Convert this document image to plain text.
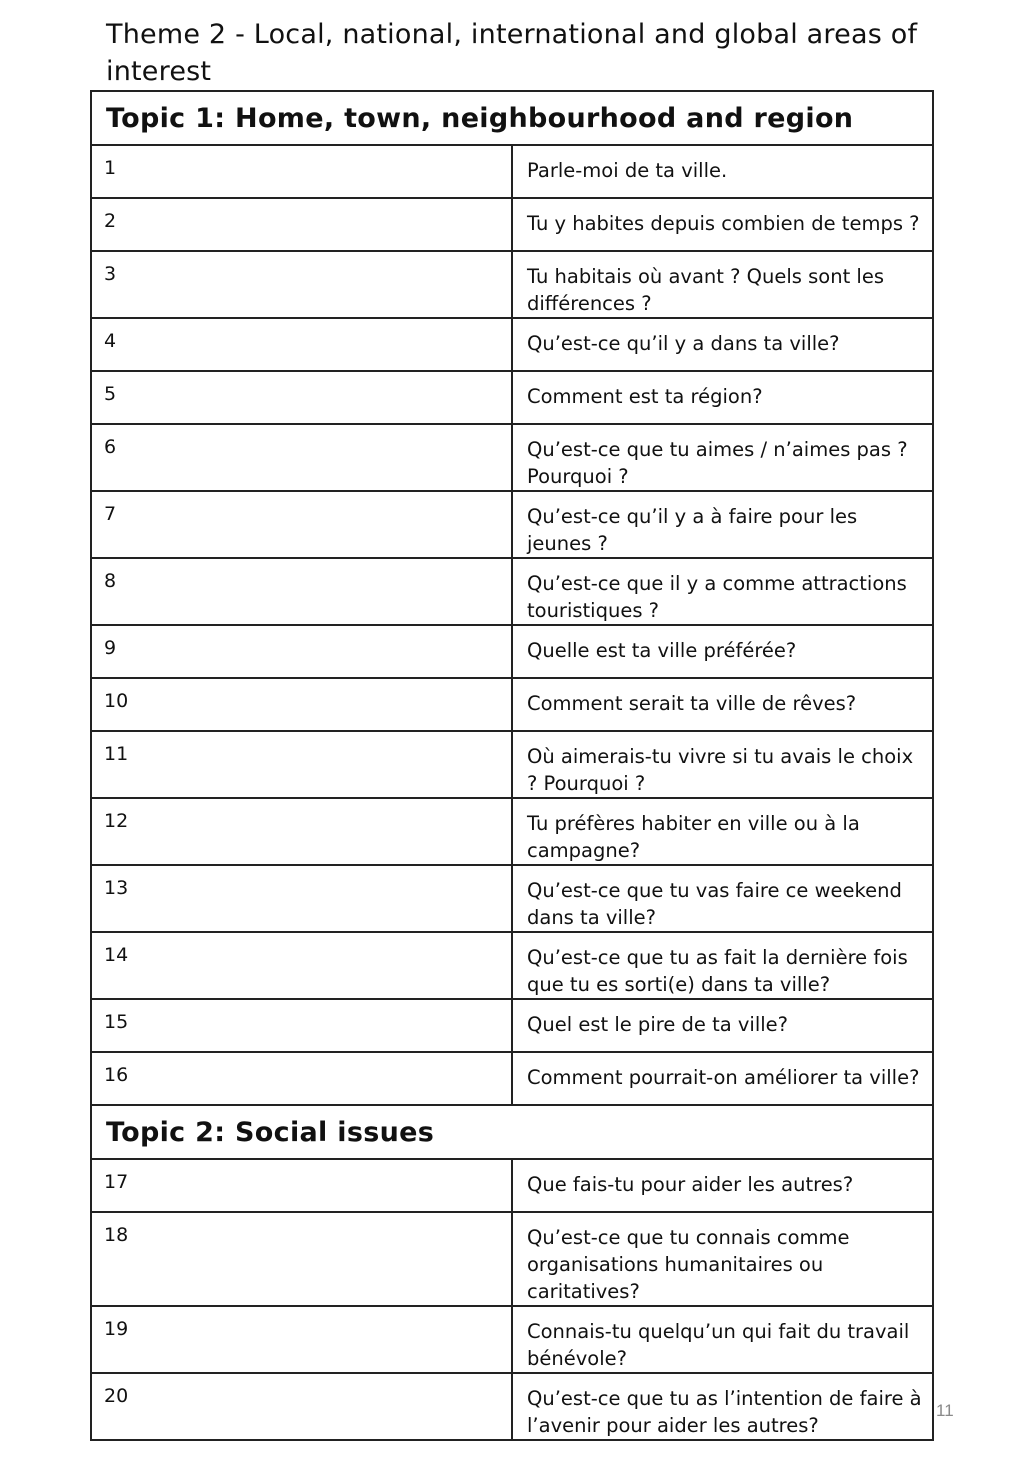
Theme 2 - Local, national, international and global areas of interest
Topic 1: Home, town, neighbourhood and region	
1	Parle-moi de ta ville.
2	Tu y habites depuis combien de temps ?
3	Tu habitais où avant ? Quels sont les différences ?
4	Qu’est-ce qu’il y a dans ta ville?
5	Comment est ta région?
6	Qu’est-ce que tu aimes / n’aimes pas ? Pourquoi ?
7	Qu’est-ce qu’il y a à faire pour les jeunes ?
8	Qu’est-ce que il y a comme attractions touristiques ?
9	Quelle est ta ville préférée?
10	Comment serait ta ville de rêves?
11	Où aimerais-tu vivre si tu avais le choix ? Pourquoi ?
12	Tu préfères habiter en ville ou à la campagne?
13	Qu’est-ce que tu vas faire ce weekend dans ta ville?
14	Qu’est-ce que tu as fait la dernière fois que tu es sorti(e) dans ta ville?
15	Quel est le pire de ta ville?
16	Comment pourrait-on améliorer ta ville?
Topic 2: Social issues	
17	Que fais-tu pour aider les autres?
18	Qu’est-ce que tu connais comme organisations humanitaires ou caritatives?
19	Connais-tu quelqu’un qui fait du travail bénévole?
20	Qu’est-ce que tu as l’intention de faire à l’avenir pour aider les autres?
11
